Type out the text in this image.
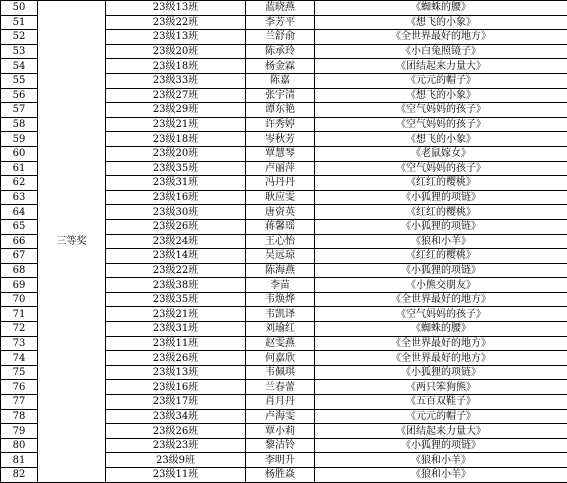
50	三等奖	23级13班	蓝晓燕	《蜘蛛的腰》
51		23级22班	李芳平	《想飞的小象》
52		23级13班	兰舒俞	《全世界最好的地方》
53		23级20班	陈承玲	《小白兔照镜子》
54		23级18班	杨金霖	《团结起来力量大》
55		23级33班	陈嘉	《元元的帽子》
56		23级27班	张宇清	《想飞的小象》
57		23级29班	谭东艳	《空气妈妈的孩子》
58		23级21班	许秀婷	《空气妈妈的孩子》
59		23级18班	岑秋芳	《想飞的小象》
60		23级20班	覃慧琴	《老鼠嫁女》
61		23级35班	卢丽萍	《空气妈妈的孩子》
62		23级31班	冯丹丹	《红红的樱桃》
63		23级16班	耿应雯	《小狐狸的项链》
64		23级30班	唐资英	《红红的樱桃》
65		23级26班	蒋馨瑶	《小狐狸的项链》
66		23级24班	王心怡	《狼和小羊》
67		23级14班	吴远琼	《红红的樱桃》
68		23级22班	陈海燕	《小狐狸的项链》
69		23级38班	李苗	《小熊交朋友》
70		23级35班	韦焕烨	《全世界最好的地方》
71		23级21班	韦凯译	《空气妈妈的孩子》
72		23级31班	刘瑜红	《蜘蛛的腰》
73		23级11班	赵雯燕	《全世界最好的地方》
74		23级26班	何嘉欣	《全世界最好的地方》
75		23级13班	韦佩琪	《小狐狸的项链》
76		23级16班	兰春蕾	《两只笨狗熊》
77		23级17班	肖月丹	《五百双鞋子》
78		23级34班	卢海雯	《元元的帽子》
79		23级26班	覃小莉	《团结起来力量大》
80		23级23班	黎洁铃	《小狐狸的项链》
81		23级9班	李明升	《狼和小羊》
82		23级11班	杨胜焱	《狼和小羊》
